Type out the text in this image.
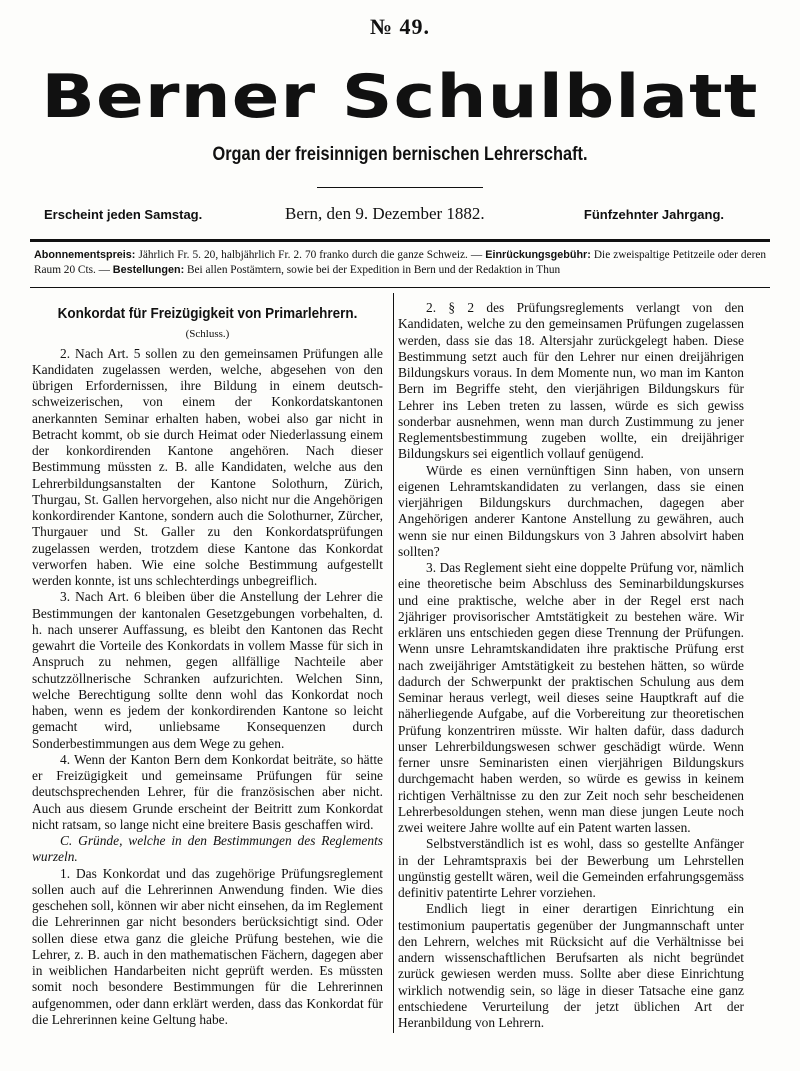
№ 49.
Berner Schulblatt
Organ der freisinnigen bernischen Lehrerschaft.
Erscheint jeden Samstag.	Bern, den 9. Dezember 1882.	Fünfzehnter Jahrgang.
Abonnementspreis: Jährlich Fr. 5. 20, halbjährlich Fr. 2. 70 franko durch die ganze Schweiz. — Einrückungsgebühr: Die zweispaltige Petitzeile oder deren Raum 20 Cts. — Bestellungen: Bei allen Postämtern, sowie bei der Expedition in Bern und der Redaktion in Thun
Konkordat für Freizügigkeit von Primarlehrern.
(Schluss.)

2. Nach Art. 5 sollen zu den gemeinsamen Prüfungen alle Kandidaten zugelassen werden, welche, abgesehen von den übrigen Erfordernissen, ihre Bildung in einem deutsch-schweizerischen, von einem der Konkordatskantonen anerkannten Seminar erhalten haben, wobei also gar nicht in Betracht kommt, ob sie durch Heimat oder Niederlassung einem der konkordirenden Kantone angehören. Nach dieser Bestimmung müssten z. B. alle Kandidaten, welche aus den Lehrerbildungsanstalten der Kantone Solothurn, Zürich, Thurgau, St. Gallen hervorgehen, also nicht nur die Angehörigen konkordirender Kantone, sondern auch die Solothurner, Zürcher, Thurgauer und St. Galler zu den Konkordatsprüfungen zugelassen werden, trotzdem diese Kantone das Konkordat verworfen haben. Wie eine solche Bestimmung aufgestellt werden konnte, ist uns schlechterdings unbegreiflich.

3. Nach Art. 6 bleiben über die Anstellung der Lehrer die Bestimmungen der kantonalen Gesetzgebungen vorbehalten, d. h. nach unserer Auffassung, es bleibt den Kantonen das Recht gewahrt die Vorteile des Konkordats in vollem Masse für sich in Anspruch zu nehmen, gegen allfällige Nachteile aber schutzzöllnerische Schranken aufzurichten. Welchen Sinn, welche Berechtigung sollte denn wohl das Konkordat noch haben, wenn es jedem der konkordirenden Kantone so leicht gemacht wird, unliebsame Konsequenzen durch Sonderbestimmungen aus dem Wege zu gehen.

4. Wenn der Kanton Bern dem Konkordat beiträte, so hätte er Freizügigkeit und gemeinsame Prüfungen für seine deutschsprechenden Lehrer, für die französischen aber nicht. Auch aus diesem Grunde erscheint der Beitritt zum Konkordat nicht ratsam, so lange nicht eine breitere Basis geschaffen wird.

C. Gründe, welche in den Bestimmungen des Reglements wurzeln.

1. Das Konkordat und das zugehörige Prüfungsreglement sollen auch auf die Lehrerinnen Anwendung finden. Wie dies geschehen soll, können wir aber nicht einsehen, da im Reglement die Lehrerinnen gar nicht besonders berücksichtigt sind. Oder sollen diese etwa ganz die gleiche Prüfung bestehen, wie die Lehrer, z. B. auch in den mathematischen Fächern, dagegen aber in weiblichen Handarbeiten nicht geprüft werden. Es müssten somit noch besondere Bestimmungen für die Lehrerinnen aufgenommen, oder dann erklärt werden, dass das Konkordat für die Lehrerinnen keine Geltung habe.

2. § 2 des Prüfungsreglements verlangt von den Kandidaten, welche zu den gemeinsamen Prüfungen zugelassen werden, dass sie das 18. Altersjahr zurückgelegt haben. Diese Bestimmung setzt auch für den Lehrer nur einen dreijährigen Bildungskurs voraus. In dem Momente nun, wo man im Kanton Bern im Begriffe steht, den vierjährigen Bildungskurs für Lehrer ins Leben treten zu lassen, würde es sich gewiss sonderbar ausnehmen, wenn man durch Zustimmung zu jener Reglementsbestimmung zugeben wollte, ein dreijähriger Bildungskurs sei eigentlich vollauf genügend.

Würde es einen vernünftigen Sinn haben, von unsern eigenen Lehramtskandidaten zu verlangen, dass sie einen vierjährigen Bildungskurs durchmachen, dagegen aber Angehörigen anderer Kantone Anstellung zu gewähren, auch wenn sie nur einen Bildungskurs von 3 Jahren absolvirt haben sollten?

3. Das Reglement sieht eine doppelte Prüfung vor, nämlich eine theoretische beim Abschluss des Seminarbildungskurses und eine praktische, welche aber in der Regel erst nach 2jähriger provisorischer Amtstätigkeit zu bestehen wäre. Wir erklären uns entschieden gegen diese Trennung der Prüfungen. Wenn unsre Lehramtskandidaten ihre praktische Prüfung erst nach zweijähriger Amtstätigkeit zu bestehen hätten, so würde dadurch der Schwerpunkt der praktischen Schulung aus dem Seminar heraus verlegt, weil dieses seine Hauptkraft auf die näherliegende Aufgabe, auf die Vorbereitung zur theoretischen Prüfung konzentriren müsste. Wir halten dafür, dass dadurch unser Lehrerbildungswesen schwer geschädigt würde. Wenn ferner unsre Seminaristen einen vierjährigen Bildungskurs durchgemacht haben werden, so würde es gewiss in keinem richtigen Verhältnisse zu den zur Zeit noch sehr bescheidenen Lehrerbesoldungen stehen, wenn man diese jungen Leute noch zwei weitere Jahre wollte auf ein Patent warten lassen.

Selbstverständlich ist es wohl, dass so gestellte Anfänger in der Lehramtspraxis bei der Bewerbung um Lehrstellen ungünstig gestellt wären, weil die Gemeinden erfahrungsgemäss definitiv patentirte Lehrer vorziehen.

Endlich liegt in einer derartigen Einrichtung ein testimonium paupertatis gegenüber der Jungmannschaft unter den Lehrern, welches mit Rücksicht auf die Verhältnisse bei andern wissenschaftlichen Berufsarten als nicht begründet zurück gewiesen werden muss. Sollte aber diese Einrichtung wirklich notwendig sein, so läge in dieser Tatsache eine ganz entschiedene Verurteilung der jetzt üblichen Art der Heranbildung von Lehrern.
